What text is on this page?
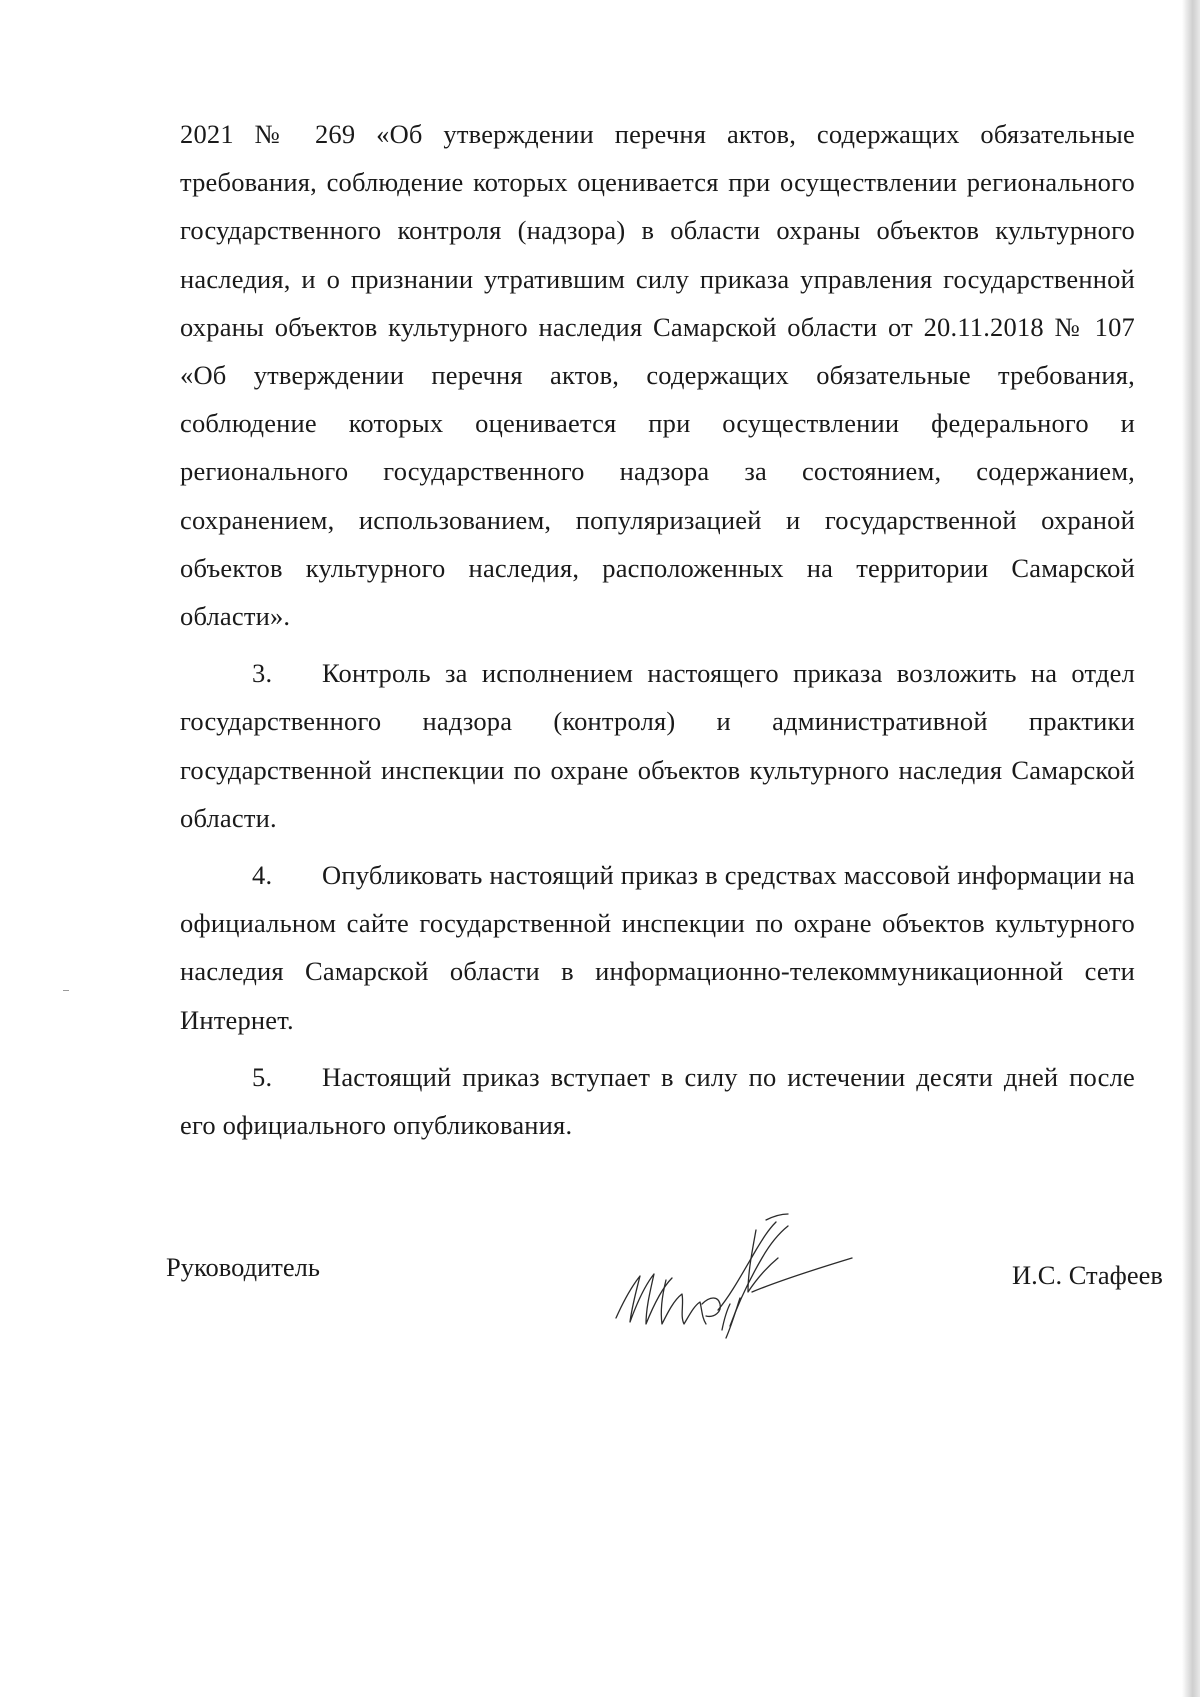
2021 № 269 «Об утверждении перечня актов, содержащих обязательные требования, соблюдение которых оценивается при осуществлении регионального государственного контроля (надзора) в области охраны объектов культурного наследия, и о признании утратившим силу приказа управления государственной охраны объектов культурного наследия Самарской области от 20.11.2018 № 107 «Об утверждении перечня актов, содержащих обязательные требования, соблюдение которых оценивается при осуществлении федерального и регионального государственного надзора за состоянием, содержанием, сохранением, использованием, популяризацией и государственной охраной объектов культурного наследия, расположенных на территории Самарской области».

3. Контроль за исполнением настоящего приказа возложить на отдел государственного надзора (контроля) и административной практики государственной инспекции по охране объектов культурного наследия Самарской области.

4. Опубликовать настоящий приказ в средствах массовой информации на официальном сайте государственной инспекции по охране объектов культурного наследия Самарской области в информационно-телекоммуникационной сети Интернет.

5. Настоящий приказ вступает в силу по истечении десяти дней после его официального опубликования.

Руководитель	И.С. Стафеев
